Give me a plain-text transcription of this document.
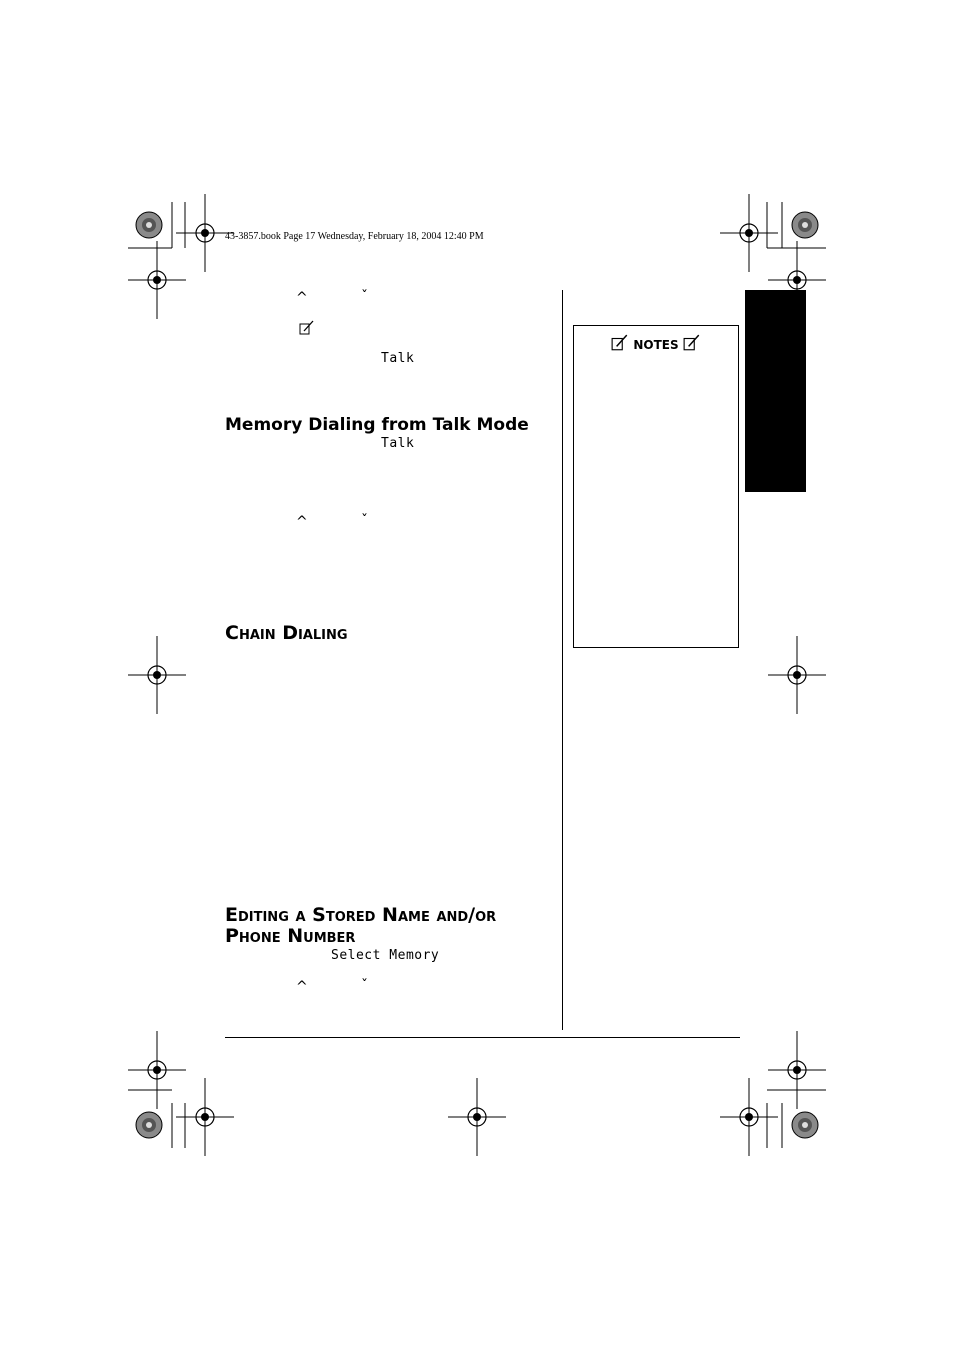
43-3857.book Page 17 Wednesday, February 18, 2004 12:40 PM
^	ˇ
Talk
Memory Dialing from Talk Mode
Talk
^	ˇ
Chain Dialing
Editing a Stored Name and/or
Phone Number
Select Memory
^	ˇ
NOTES
